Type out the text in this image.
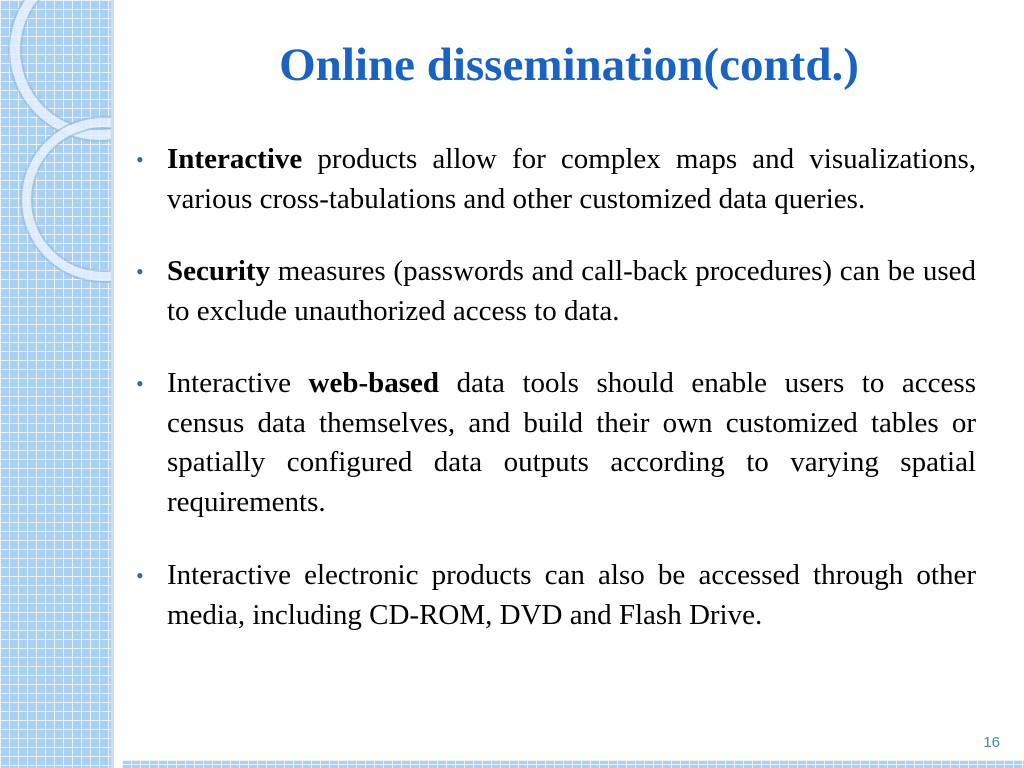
Online dissemination(contd.)
• Interactive products allow for complex maps and visualizations, various cross-tabulations and other customized data queries.
• Security measures (passwords and call-back procedures) can be used to exclude unauthorized access to data.
• Interactive web-based data tools should enable users to access census data themselves, and build their own customized tables or spatially configured data outputs according to varying spatial requirements.
• Interactive electronic products can also be accessed through other media, including CD-ROM, DVD and Flash Drive.
16
